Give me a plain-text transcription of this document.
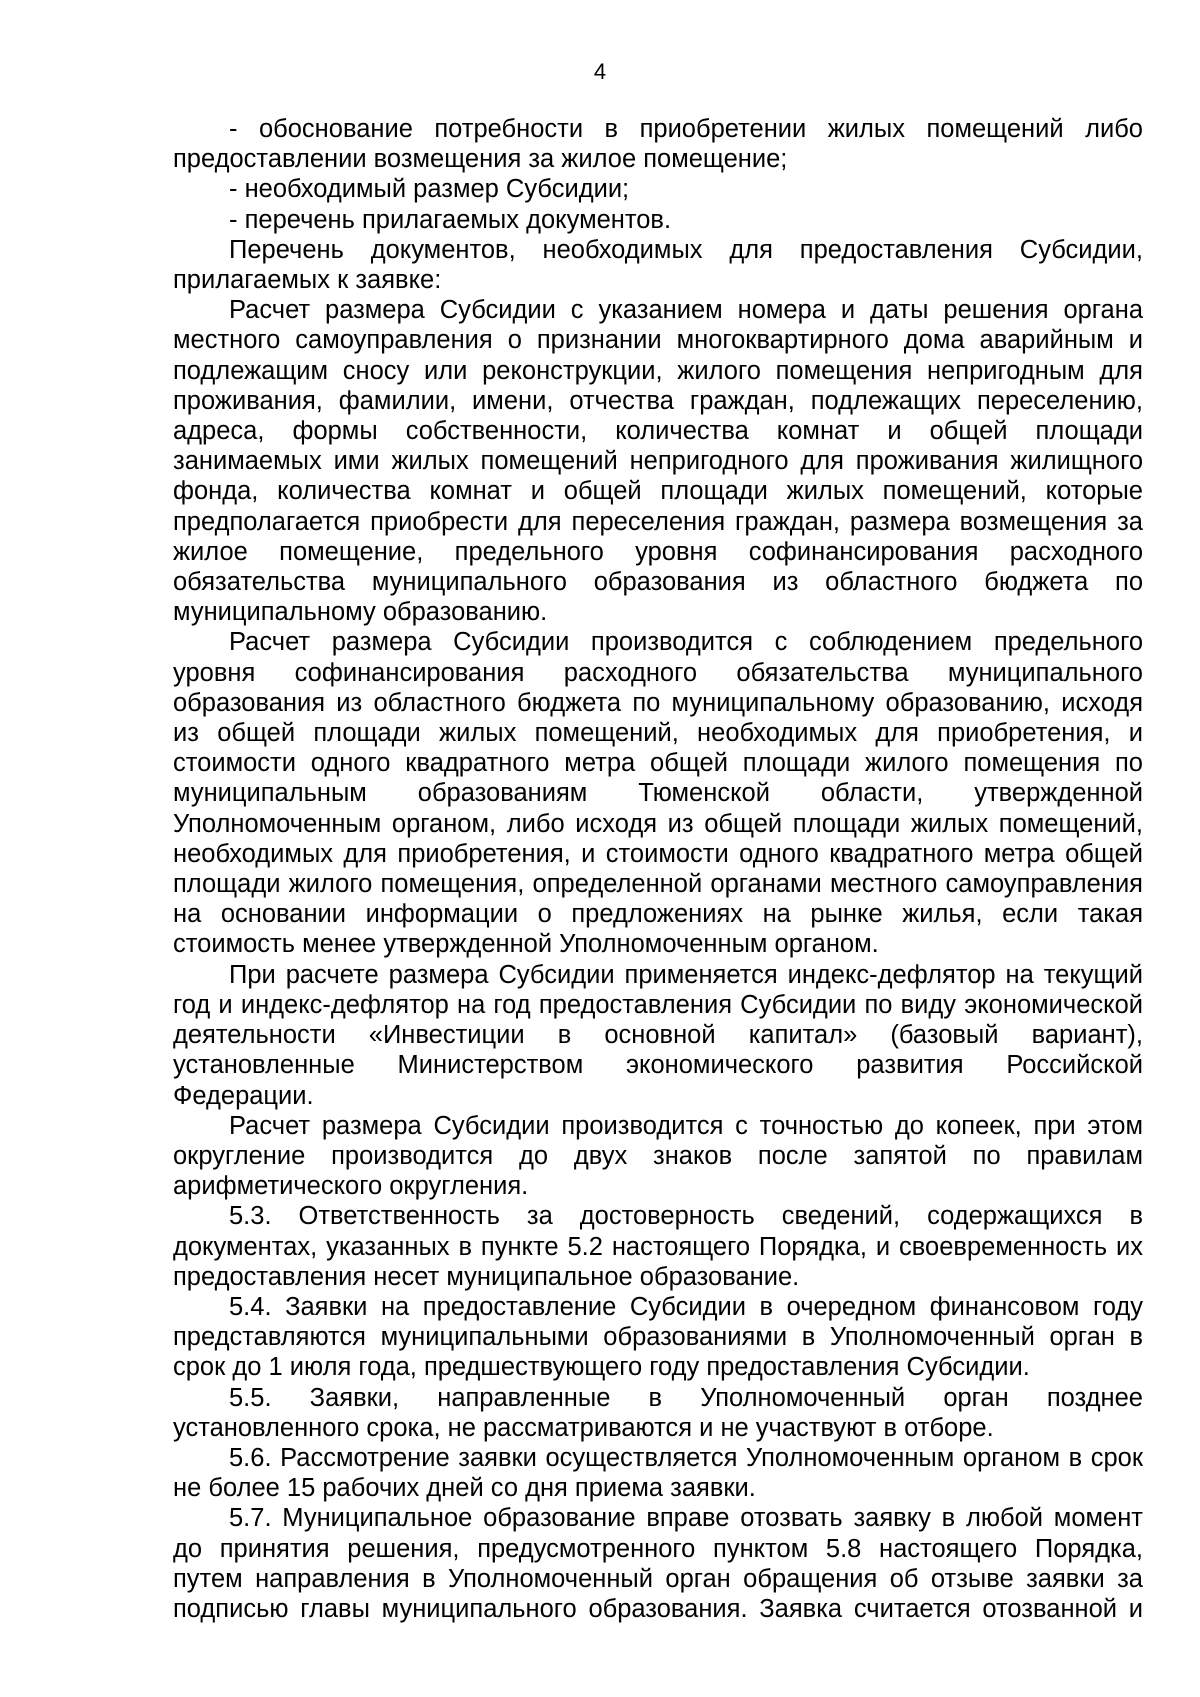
4

- обоснование потребности в приобретении жилых помещений либо предоставлении возмещения за жилое помещение;

- необходимый размер Субсидии;

- перечень прилагаемых документов.

Перечень документов, необходимых для предоставления Субсидии, прилагаемых к заявке:

Расчет размера Субсидии с указанием номера и даты решения органа местного самоуправления о признании многоквартирного дома аварийным и подлежащим сносу или реконструкции, жилого помещения непригодным для проживания, фамилии, имени, отчества граждан, подлежащих переселению, адреса, формы собственности, количества комнат и общей площади занимаемых ими жилых помещений непригодного для проживания жилищного фонда, количества комнат и общей площади жилых помещений, которые предполагается приобрести для переселения граждан, размера возмещения за жилое помещение, предельного уровня софинансирования расходного обязательства муниципального образования из областного бюджета по муниципальному образованию.

Расчет размера Субсидии производится с соблюдением предельного уровня софинансирования расходного обязательства муниципального образования из областного бюджета по муниципальному образованию, исходя из общей площади жилых помещений, необходимых для приобретения, и стоимости одного квадратного метра общей площади жилого помещения по муниципальным образованиям Тюменской области, утвержденной Уполномоченным органом, либо исходя из общей площади жилых помещений, необходимых для приобретения, и стоимости одного квадратного метра общей площади жилого помещения, определенной органами местного самоуправления на основании информации о предложениях на рынке жилья, если такая стоимость менее утвержденной Уполномоченным органом.

При расчете размера Субсидии применяется индекс-дефлятор на текущий год и индекс-дефлятор на год предоставления Субсидии по виду экономической деятельности «Инвестиции в основной капитал» (базовый вариант), установленные Министерством экономического развития Российской Федерации.

Расчет размера Субсидии производится с точностью до копеек, при этом округление производится до двух знаков после запятой по правилам арифметического округления.

5.3. Ответственность за достоверность сведений, содержащихся в документах, указанных в пункте 5.2 настоящего Порядка, и своевременность их предоставления несет муниципальное образование.

5.4. Заявки на предоставление Субсидии в очередном финансовом году представляются муниципальными образованиями в Уполномоченный орган в срок до 1 июля года, предшествующего году предоставления Субсидии.

5.5. Заявки, направленные в Уполномоченный орган позднее установленного срока, не рассматриваются и не участвуют в отборе.

5.6. Рассмотрение заявки осуществляется Уполномоченным органом в срок не более 15 рабочих дней со дня приема заявки.

5.7. Муниципальное образование вправе отозвать заявку в любой момент до принятия решения, предусмотренного пунктом 5.8 настоящего Порядка, путем направления в Уполномоченный орган обращения об отзыве заявки за подписью главы муниципального образования. Заявка считается отозванной и
